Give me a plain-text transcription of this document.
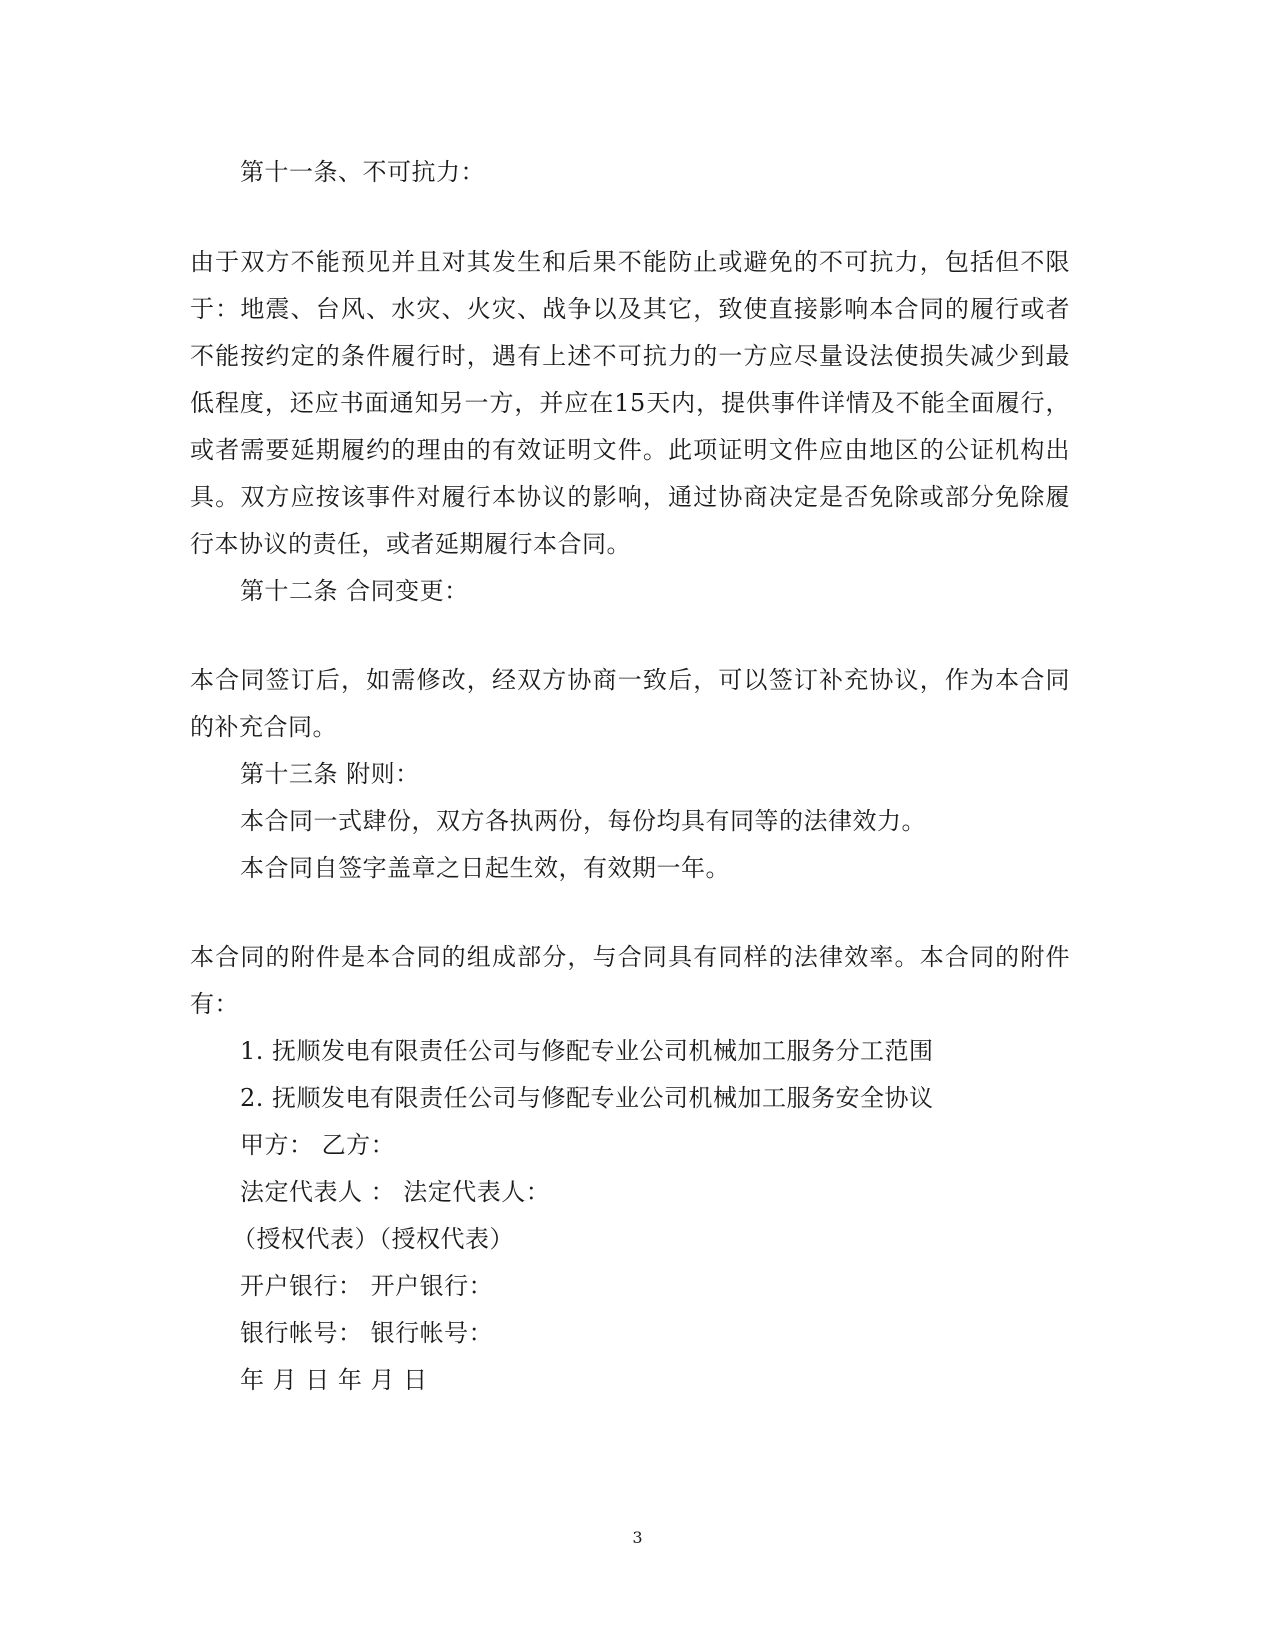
第十一条、不可抗力：
由于双方不能预见并且对其发生和后果不能防止或避免的不可抗力，包括但不限
于：地震、台风、水灾、火灾、战争以及其它，致使直接影响本合同的履行或者
不能按约定的条件履行时，遇有上述不可抗力的一方应尽量设法使损失减少到最
低程度，还应书面通知另一方，并应在15天内，提供事件详情及不能全面履行，
或者需要延期履约的理由的有效证明文件。此项证明文件应由地区的公证机构出
具。双方应按该事件对履行本协议的影响，通过协商决定是否免除或部分免除履
行本协议的责任，或者延期履行本合同。
第十二条 合同变更：
本合同签订后，如需修改，经双方协商一致后，可以签订补充协议，作为本合同
的补充合同。
第十三条 附则：
本合同一式肆份，双方各执两份，每份均具有同等的法律效力。
本合同自签字盖章之日起生效，有效期一年。
本合同的附件是本合同的组成部分，与合同具有同样的法律效率。本合同的附件
有：
1. 抚顺发电有限责任公司与修配专业公司机械加工服务分工范围
2. 抚顺发电有限责任公司与修配专业公司机械加工服务安全协议
甲方： 乙方：
法定代表人 ： 法定代表人：
（授权代表）（授权代表）
开户银行： 开户银行：
银行帐号： 银行帐号：
年 月 日 年 月 日
3
